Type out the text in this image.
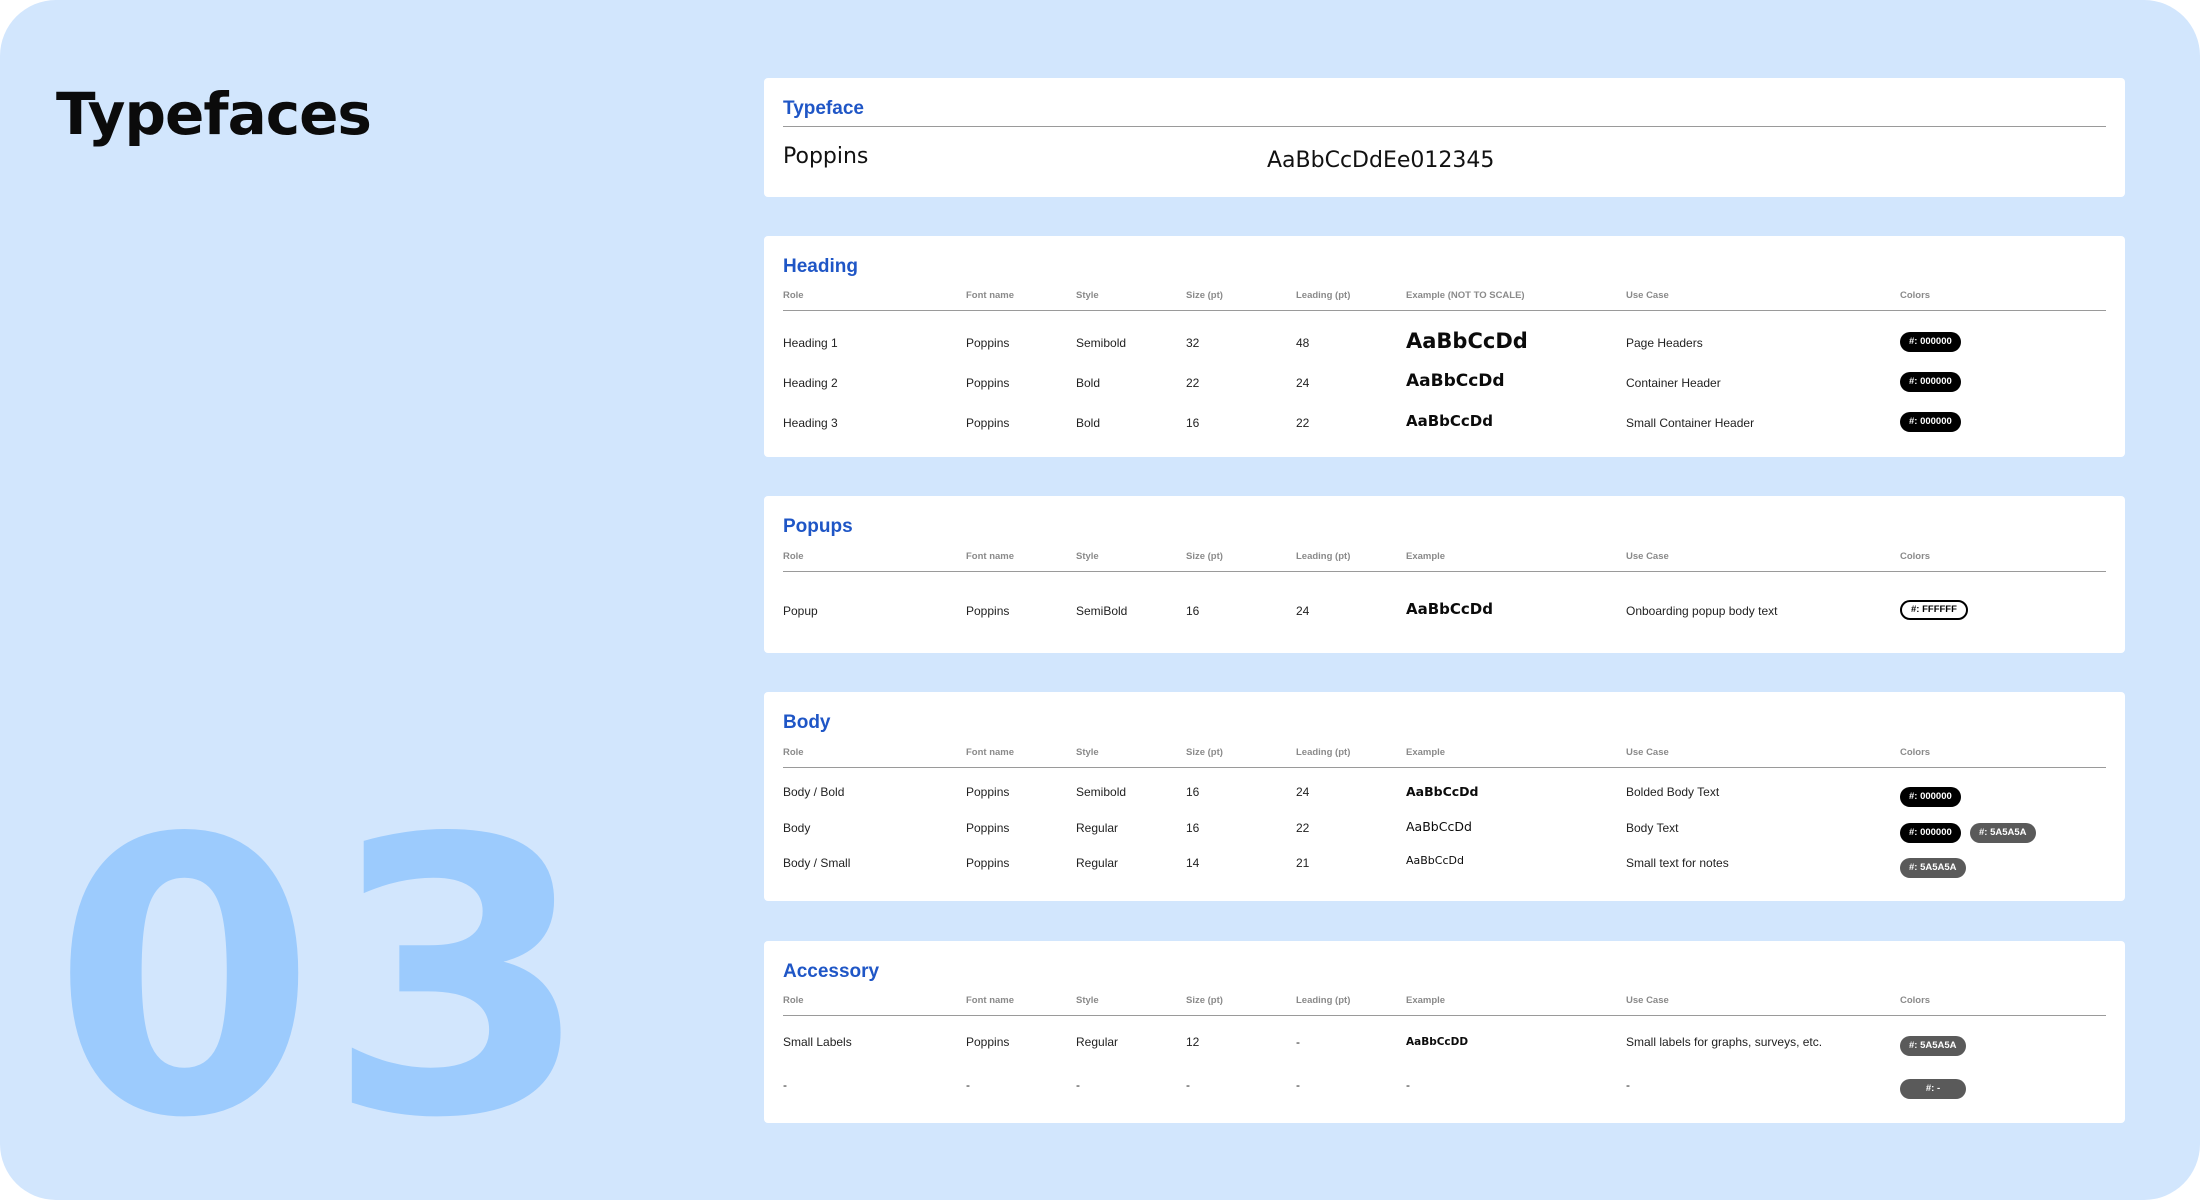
Typefaces
03
Typeface
Poppins	AaBbCcDdEe012345
Heading
Role	Font name	Style	Size (pt)	Leading (pt)	Example (NOT TO SCALE)	Use Case	Colors
Heading 1	Poppins	Semibold	32	48	AaBbCcDd	Page Headers	#: 000000
Heading 2	Poppins	Bold	22	24	AaBbCcDd	Container Header	#: 000000
Heading 3	Poppins	Bold	16	22	AaBbCcDd	Small Container Header	#: 000000
Popups
Role	Font name	Style	Size (pt)	Leading (pt)	Example	Use Case	Colors
Popup	Poppins	SemiBold	16	24	AaBbCcDd	Onboarding popup body text	#: FFFFFF
Body
Role	Font name	Style	Size (pt)	Leading (pt)	Example	Use Case	Colors
Body / Bold	Poppins	Semibold	16	24	AaBbCcDd	Bolded Body Text	#: 000000
Body	Poppins	Regular	16	22	AaBbCcDd	Body Text	#: 000000	#: 5A5A5A
Body / Small	Poppins	Regular	14	21	AaBbCcDd	Small text for notes	#: 5A5A5A
Accessory
Role	Font name	Style	Size (pt)	Leading (pt)	Example	Use Case	Colors
Small Labels	Poppins	Regular	12	-	AaBbCcDD	Small labels for graphs, surveys, etc.	#: 5A5A5A
-	-	-	-	-	-	-	#: -
